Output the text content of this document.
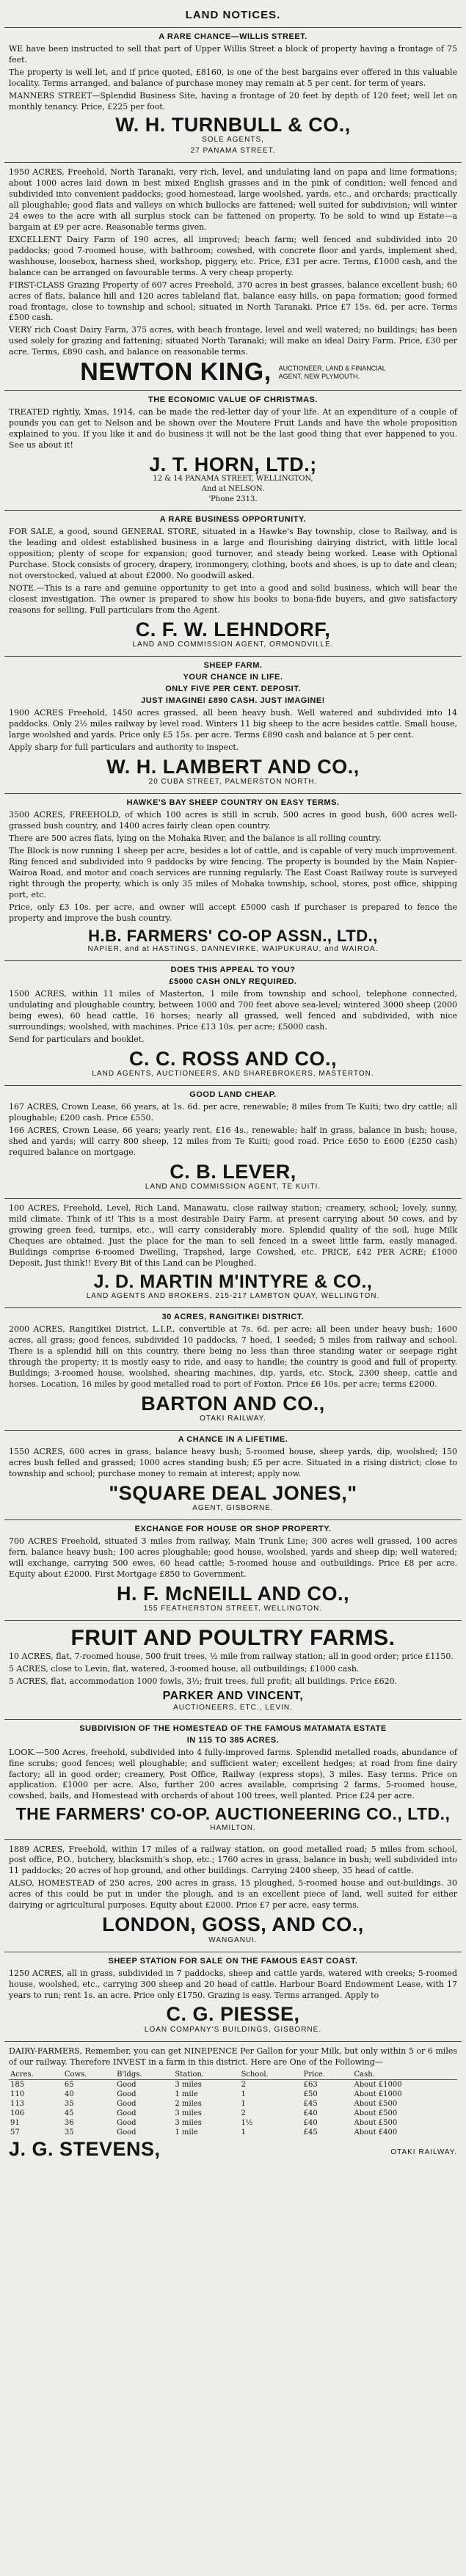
LAND NOTICES.
A RARE CHANCE—WILLIS STREET.

WE have been instructed to sell that part of Upper Willis Street a block of property having a frontage of 75 feet.

The property is well let, and if price quoted, £8160, is one of the best bargains ever offered in this valuable locality. Terms arranged, and balance of purchase money may remain at 5 per cent. for term of years.

MANNERS STREET—Splendid Business Site, having a frontage of 20 feet by depth of 120 feet; well let on monthly tenancy. Price, £225 per foot.

W. H. TURNBULL & CO.,
SOLE AGENTS,
27 PANAMA STREET.

1950 ACRES, Freehold, North Taranaki, very rich, level, and undulating land on papa and lime formations; about 1000 acres laid down in best mixed English grasses and in the pink of condition; well fenced and subdivided into convenient paddocks; good homestead, large woolshed, yards, etc., and orchards; practically all ploughable; good flats and valleys on which bullocks are fattened; well suited for subdivision; will winter 24 ewes to the acre with all surplus stock can be fattened on property. To be sold to wind up Estate—a bargain at £9 per acre. Reasonable terms given.

EXCELLENT Dairy Farm of 190 acres, all improved; beach farm; well fenced and subdivided into 20 paddocks; good 7-roomed house, with bathroom; cowshed, with concrete floor and yards, implement shed, washhouse, loosebox, harness shed, workshop, piggery, etc. Price, £31 per acre. Terms, £1000 cash, and the balance can be arranged on favourable terms. A very cheap property.

FIRST-CLASS Grazing Property of 607 acres Freehold, 370 acres in best grasses, balance excellent bush; 60 acres of flats, balance hill and 120 acres tableland flat, balance easy hills, on papa formation; good formed road frontage, close to township and school; situated in North Taranaki. Price £7 15s. 6d. per acre. Terms £500 cash.

VERY rich Coast Dairy Farm, 375 acres, with beach frontage, level and well watered; no buildings; has been used solely for grazing and fattening; situated North Taranaki; will make an ideal Dairy Farm. Price, £30 per acre. Terms, £890 cash, and balance on reasonable terms.

NEWTON KING, AUCTIONEER, LAND & FINANCIAL
AGENT, NEW PLYMOUTH.
THE ECONOMIC VALUE OF CHRISTMAS.

TREATED rightly, Xmas, 1914, can be made the red-letter day of your life. At an expenditure of a couple of pounds you can get to Nelson and be shown over the Moutere Fruit Lands and have the whole proposition explained to you. If you like it and do business it will not be the last good thing that ever happened to you. See us about it!

J. T. HORN, LTD.;
12 & 14 PANAMA STREET, WELLINGTON,
And at NELSON.
'Phone 2313.
A RARE BUSINESS OPPORTUNITY.

FOR SALE, a good, sound GENERAL STORE, situated in a Hawke's Bay township, close to Railway, and is the leading and oldest established business in a large and flourishing dairying district, with little local opposition; plenty of scope for expansion; good turnover, and steady being worked. Lease with Optional Purchase. Stock consists of grocery, drapery, ironmongery, clothing, boots and shoes, is up to date and clean; not overstocked, valued at about £2000. No goodwill asked.

NOTE.—This is a rare and genuine opportunity to get into a good and solid business, which will bear the closest investigation. The owner is prepared to show his books to bona-fide buyers, and give satisfactory reasons for selling. Full particulars from the Agent.

C. F. W. LEHNDORF,
LAND AND COMMISSION AGENT, ORMONDVILLE.
SHEEP FARM.
YOUR CHANCE IN LIFE.
ONLY FIVE PER CENT. DEPOSIT.
JUST IMAGINE! £890 CASH. JUST IMAGINE!

1900 ACRES Freehold, 1450 acres grassed, all been heavy bush. Well watered and subdivided into 14 paddocks. Only 2½ miles railway by level road. Winters 11 big sheep to the acre besides cattle. Small house, large woolshed and yards. Price only £5 15s. per acre. Terms £890 cash and balance at 5 per cent.

Apply sharp for full particulars and authority to inspect.

W. H. LAMBERT AND CO.,
20 CUBA STREET, PALMERSTON NORTH.
HAWKE'S BAY SHEEP COUNTRY ON EASY TERMS.

3500 ACRES, FREEHOLD, of which 100 acres is still in scrub, 500 acres in good bush, 600 acres well-grassed bush country, and 1400 acres fairly clean open country.

There are 500 acres flats, lying on the Mohaka River, and the balance is all rolling country.

The Block is now running 1 sheep per acre, besides a lot of cattle, and is capable of very much improvement. Ring fenced and subdivided into 9 paddocks by wire fencing. The property is bounded by the Main Napier-Wairoa Road, and motor and coach services are running regularly. The East Coast Railway route is surveyed right through the property, which is only 35 miles of Mohaka township, school, stores, post office, shipping port, etc.

Price, only £3 10s. per acre, and owner will accept £5000 cash if purchaser is prepared to fence the property and improve the bush country.

H.B. FARMERS' CO-OP ASSN., LTD.,
NAPIER, and at HASTINGS, DANNEVIRKE, WAIPUKURAU, and WAIROA.
DOES THIS APPEAL TO YOU?
£5000 CASH ONLY REQUIRED.

1500 ACRES, within 11 miles of Masterton, 1 mile from township and school, telephone connected, undulating and ploughable country, between 1000 and 700 feet above sea-level; wintered 3000 sheep (2000 being ewes), 60 head cattle, 16 horses; nearly all grassed, well fenced and subdivided, with nice surroundings; woolshed, with machines. Price £13 10s. per acre; £5000 cash.

Send for particulars and booklet.

C. C. ROSS AND CO.,
LAND AGENTS, AUCTIONEERS, AND SHAREBROKERS, MASTERTON.
GOOD LAND CHEAP.

167 ACRES, Crown Lease, 66 years, at 1s. 6d. per acre, renewable; 8 miles from Te Kuiti; two dry cattle; all ploughable; £200 cash. Price £550.

166 ACRES, Crown Lease, 66 years; yearly rent, £16 4s., renewable; half in grass, balance in bush; house, shed and yards; will carry 800 sheep, 12 miles from Te Kuiti; good road. Price £650 to £600 (£250 cash) required balance on mortgage.

C. B. LEVER,
LAND AND COMMISSION AGENT, TE KUITI.

100 ACRES, Freehold, Level, Rich Land, Manawatu, close railway station; creamery, school; lovely, sunny, mild climate. Think of it! This is a most desirable Dairy Farm, at present carrying about 50 cows, and by growing green feed, turnips, etc., will carry considerably more. Splendid quality of the soil, huge Milk Cheques are obtained. Just the place for the man to sell fenced in a sweet little farm, easily managed. Buildings comprise 6-roomed Dwelling, Trapshed, large Cowshed, etc. PRICE, £42 PER ACRE; £1000 Deposit, Just think!! Every Bit of this Land can be Ploughed.

J. D. MARTIN M'INTYRE & CO.,
LAND AGENTS AND BROKERS, 215-217 LAMBTON QUAY, WELLINGTON.
30 ACRES, RANGITIKEI DISTRICT.

2000 ACRES, Rangitikei District, L.I.P., convertible at 7s. 6d. per acre; all been under heavy bush; 1600 acres, all grass; good fences, subdivided 10 paddocks, 7 hoed, 1 seeded; 5 miles from railway and school. There is a splendid hill on this country, there being no less than three standing water or seepage right through the property; it is mostly easy to ride, and easy to handle; the country is good and full of property. Buildings; 3-roomed house, woolshed, shearing machines, dip, yards, etc. Stock, 2300 sheep, cattle and horses. Location, 16 miles by good metalled road to port of Foxton. Price £6 10s. per acre; terms £2000.

BARTON AND CO.,
OTAKI RAILWAY.
A CHANCE IN A LIFETIME.

1550 ACRES, 600 acres in grass, balance heavy bush; 5-roomed house, sheep yards, dip, woolshed; 150 acres bush felled and grassed; 1000 acres standing bush; £5 per acre. Situated in a rising district; close to township and school; purchase money to remain at interest; apply now.

"SQUARE DEAL JONES,"
AGENT, GISBORNE.
EXCHANGE FOR HOUSE OR SHOP PROPERTY.

700 ACRES Freehold, situated 3 miles from railway, Main Trunk Line; 300 acres well grassed, 100 acres fern, balance heavy bush; 100 acres ploughable; good house, woolshed, yards and sheep dip; well watered; will exchange, carrying 500 ewes, 60 head cattle; 5-roomed house and outbuildings. Price £8 per acre. Equity about £2000. First Mortgage £850 to Government.

H. F. McNEILL AND CO.,
155 FEATHERSTON STREET, WELLINGTON.
FRUIT AND POULTRY FARMS.

10 ACRES, flat, 7-roomed house, 500 fruit trees, ½ mile from railway station; all in good order; price £1150.

5 ACRES, close to Levin, flat, watered, 3-roomed house, all outbuildings; £1000 cash.

5 ACRES, flat, accommodation 1000 fowls, 3½; fruit trees, full profit; all buildings. Price £620.

PARKER AND VINCENT,
AUCTIONEERS, ETC., LEVIN.
SUBDIVISION OF THE HOMESTEAD OF THE FAMOUS MATAMATA ESTATE
IN 115 TO 385 ACRES.

LOOK.—500 Acres, freehold, subdivided into 4 fully-improved farms. Splendid metalled roads, abundance of fine scrubs; good fences; well ploughable; and sufficient water; excellent hedges; at road from fine dairy factory; all in good order; creamery, Post Office, Railway (express stops), 3 miles. Easy terms. Price on application. £1000 per acre. Also, further 200 acres available, comprising 2 farms, 5-roomed house, cowshed, bails, and Homestead with orchards of about 100 trees, well planted. Price £24 per acre.

THE FARMERS' CO-OP. AUCTIONEERING CO., LTD.,
HAMILTON.

1889 ACRES, Freehold, within 17 miles of a railway station, on good metalled road; 5 miles from school, post office, P.O., butchery, blacksmith's shop, etc.; 1760 acres in grass, balance in bush; well subdivided into 11 paddocks; 20 acres of hop ground, and other buildings. Carrying 2400 sheep, 35 head of cattle.

ALSO, HOMESTEAD of 250 acres, 200 acres in grass, 15 ploughed, 5-roomed house and out-buildings. 30 acres of this could be put in under the plough, and is an excellent piece of land, well suited for either dairying or agricultural purposes. Equity about £2000. Price £7 per acre, easy terms.

LONDON, GOSS, AND CO.,
WANGANUI.
SHEEP STATION FOR SALE ON THE FAMOUS EAST COAST.

1250 ACRES, all in grass, subdivided in 7 paddocks, sheep and cattle yards, watered with creeks; 5-roomed house, woolshed, etc., carrying 300 sheep and 20 head of cattle. Harbour Board Endowment Lease, with 17 years to run; rent 1s. an acre. Price only £1750. Grazing is easy. Terms arranged. Apply to

C. G. PIESSE,
LOAN COMPANY'S BUILDINGS, GISBORNE.

DAIRY-FARMERS, Remember, you can get NINEPENCE Per Gallon for your Milk, but only within 5 or 6 miles of our railway. Therefore INVEST in a farm in this district. Here are One of the Following—

Acres.	Cows.	B'ldgs.	Station.	School.	Price.	Cash.
185	65	Good	3 miles	2	£63	About £1000
110	40	Good	1 mile	1	£50	About £1000
113	35	Good	2 miles	1	£45	About £500
106	45	Good	3 miles	2	£40	About £500
91	36	Good	3 miles	1½	£40	About £500
57	35	Good	1 mile	1	£45	About £400
J. G. STEVENS,	OTAKI RAILWAY.
